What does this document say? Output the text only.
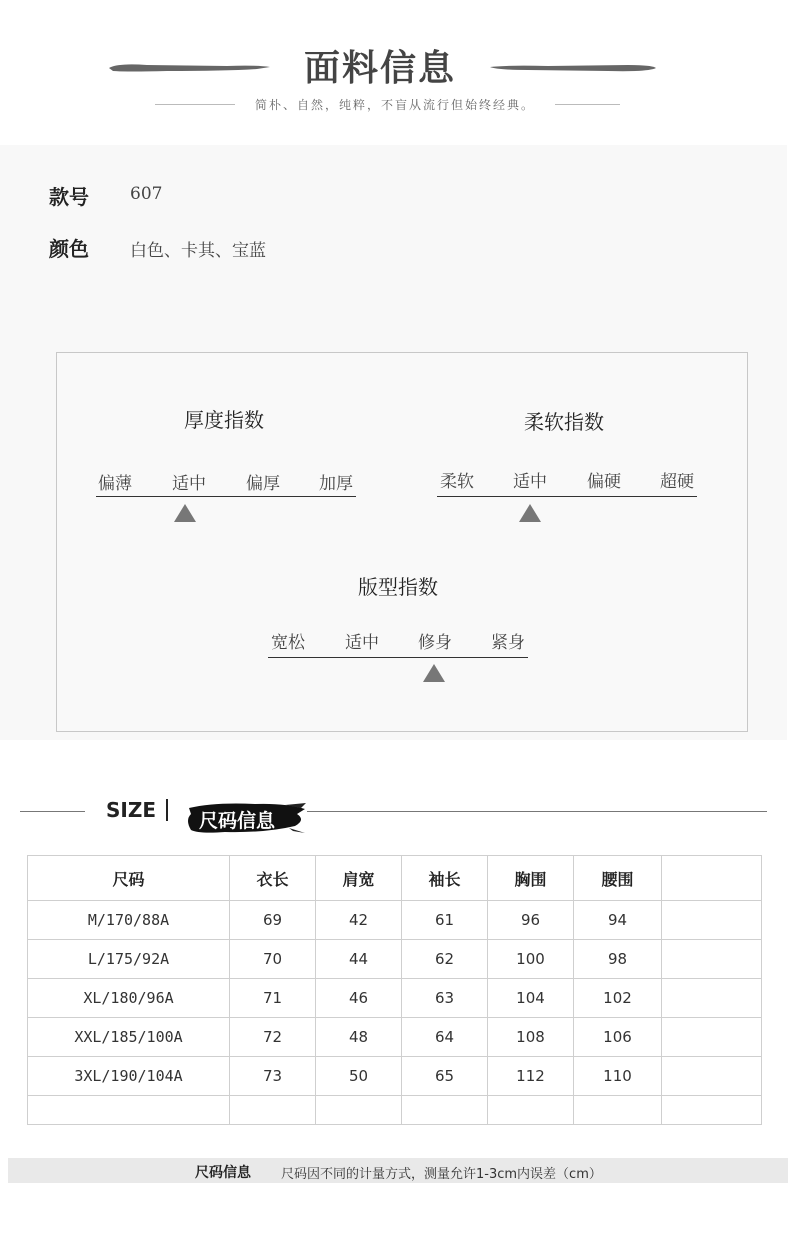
面料信息
简朴、自然，纯粹，不盲从流行但始终经典。
款号 607
颜色 白色、卡其、宝蓝
厚度指数
偏薄	适中	偏厚	加厚
柔软指数
柔软	适中	偏硬	超硬
版型指数
宽松	适中	修身	紧身
SIZE 尺码信息
尺码	衣长	肩宽	袖长	胸围	腰围	
M/170/88A	69	42	61	96	94	
L/175/92A	70	44	62	100	98	
XL/180/96A	71	46	63	104	102	
XXL/185/100A	72	48	64	108	106	
3XL/190/104A	73	50	65	112	110	

尺码信息 尺码因不同的计量方式，测量允许1-3cm内误差（cm）
